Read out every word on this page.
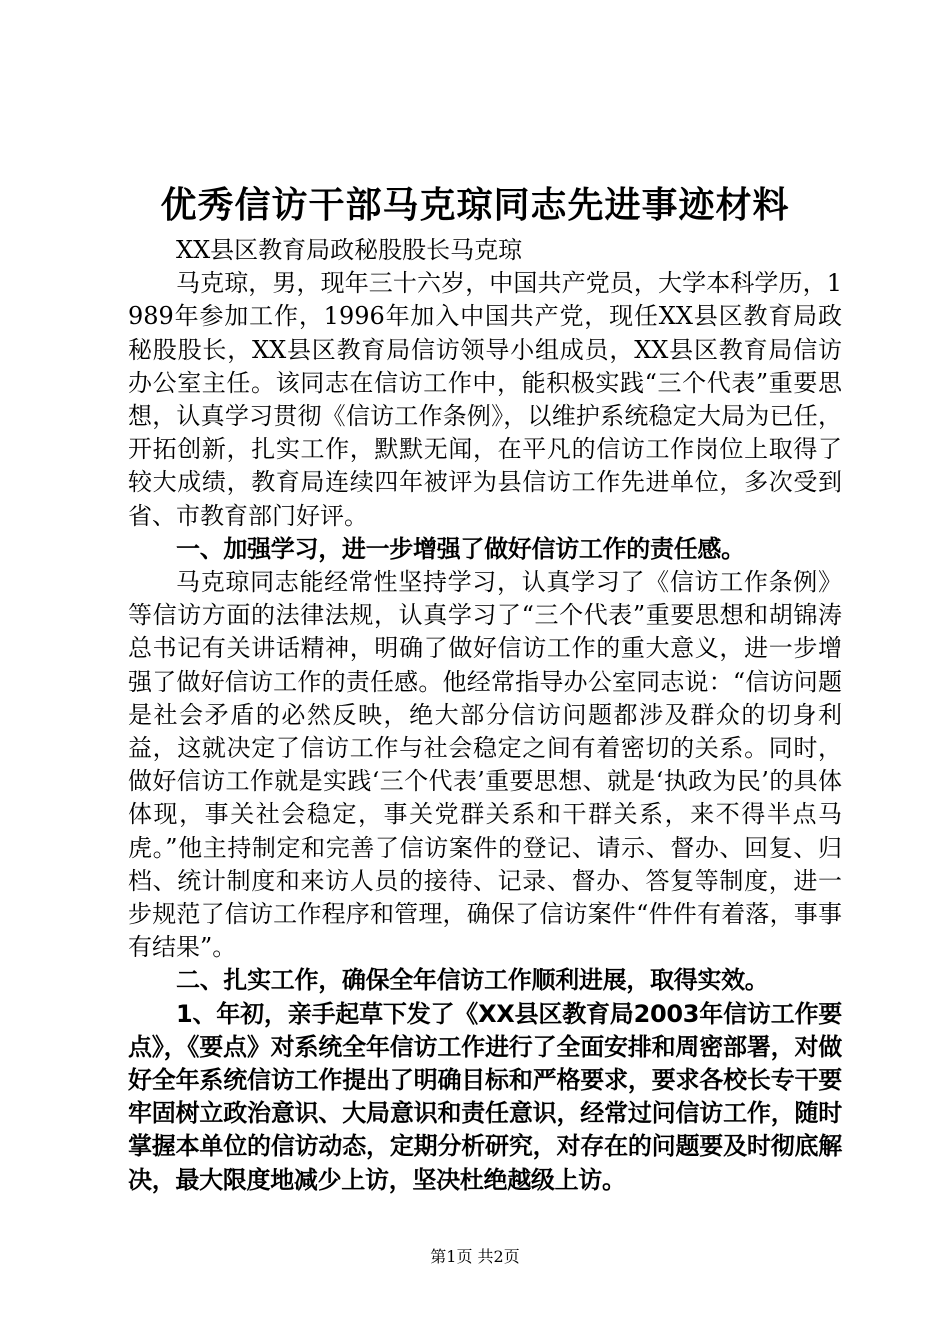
优秀信访干部马克琼同志先进事迹材料

XX县区教育局政秘股股长马克琼

马克琼，男，现年三十六岁，中国共产党员，大学本科学历，1989年参加工作，1996年加入中国共产党，现任XX县区教育局政秘股股长，XX县区教育局信访领导小组成员，XX县区教育局信访办公室主任。该同志在信访工作中，能积极实践“三个代表”重要思想，认真学习贯彻《信访工作条例》，以维护系统稳定大局为已任，开拓创新，扎实工作，默默无闻，在平凡的信访工作岗位上取得了较大成绩，教育局连续四年被评为县信访工作先进单位，多次受到省、市教育部门好评。

一、加强学习，进一步增强了做好信访工作的责任感。

马克琼同志能经常性坚持学习，认真学习了《信访工作条例》等信访方面的法律法规，认真学习了“三个代表”重要思想和胡锦涛总书记有关讲话精神，明确了做好信访工作的重大意义，进一步增强了做好信访工作的责任感。他经常指导办公室同志说：“信访问题是社会矛盾的必然反映，绝大部分信访问题都涉及群众的切身利益，这就决定了信访工作与社会稳定之间有着密切的关系。同时，做好信访工作就是实践‘三个代表’重要思想、就是‘执政为民’的具体体现，事关社会稳定，事关党群关系和干群关系，来不得半点马虎。”他主持制定和完善了信访案件的登记、请示、督办、回复、归档、统计制度和来访人员的接待、记录、督办、答复等制度，进一步规范了信访工作程序和管理，确保了信访案件“件件有着落，事事有结果”。

二、扎实工作，确保全年信访工作顺利进展，取得实效。

1、年初，亲手起草下发了《XX县区教育局2003年信访工作要点》，《要点》对系统全年信访工作进行了全面安排和周密部署，对做好全年系统信访工作提出了明确目标和严格要求，要求各校长专干要牢固树立政治意识、大局意识和责任意识，经常过问信访工作，随时掌握本单位的信访动态，定期分析研究，对存在的问题要及时彻底解决，最大限度地减少上访，坚决杜绝越级上访。

第1页 共2页
